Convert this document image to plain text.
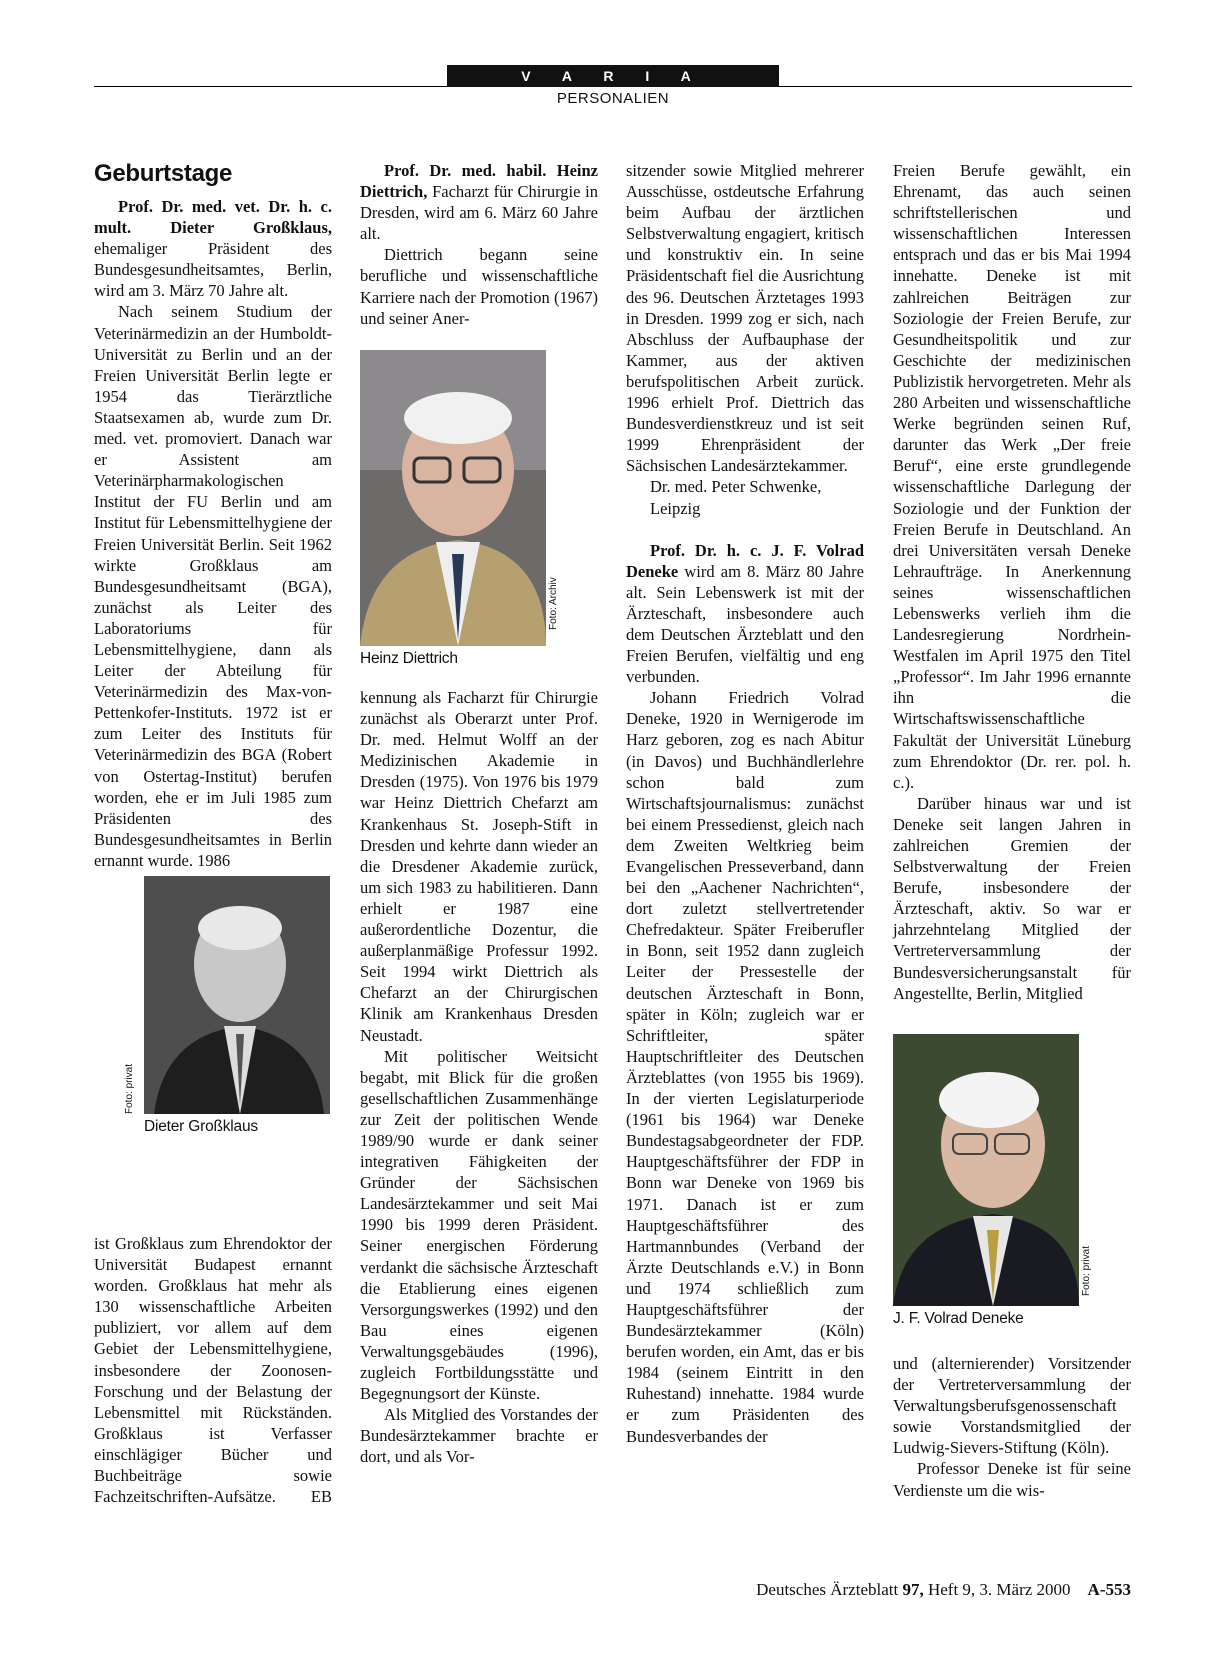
V A R I A
PERSONALIEN
Geburtstage

Prof. Dr. med. vet. Dr. h. c. mult. Dieter Großklaus, ehemaliger Präsident des Bundesgesundheitsamtes, Berlin, wird am 3. März 70 Jahre alt.

Nach seinem Studium der Veterinärmedizin an der Humboldt-Universität zu Berlin und an der Freien Universität Berlin legte er 1954 das Tierärztliche Staatsexamen ab, wurde zum Dr. med. vet. promoviert. Danach war er Assistent am Veterinärpharmakologischen Institut der FU Berlin und am Institut für Lebensmittelhygiene der Freien Universität Berlin. Seit 1962 wirkte Großklaus am Bundesgesundheitsamt (BGA), zunächst als Leiter des Laboratoriums für Lebensmittelhygiene, dann als Leiter der Abteilung für Veterinärmedizin des Max-von-Pettenkofer-Instituts. 1972 ist er zum Leiter des Instituts für Veterinärmedizin des BGA (Robert von Ostertag-Institut) berufen worden, ehe er im Juli 1985 zum Präsidenten des Bundesgesundheitsamtes in Berlin ernannt wurde. 1986

Foto: privat
Dieter Großklaus

ist Großklaus zum Ehrendoktor der Universität Budapest ernannt worden. Großklaus hat mehr als 130 wissenschaftliche Arbeiten publiziert, vor allem auf dem Gebiet der Lebensmittelhygiene, insbesondere der Zoonosen-Forschung und der Belastung der Lebensmittel mit Rückständen. Großklaus ist Verfasser einschlägiger Bücher und Buchbeiträge sowie Fachzeitschriften-Aufsätze. EB

Prof. Dr. med. habil. Heinz Diettrich, Facharzt für Chirurgie in Dresden, wird am 6. März 60 Jahre alt.

Diettrich begann seine berufliche und wissenschaftliche Karriere nach der Promotion (1967) und seiner Aner-

Foto: Archiv
Heinz Diettrich

kennung als Facharzt für Chirurgie zunächst als Oberarzt unter Prof. Dr. med. Helmut Wolff an der Medizinischen Akademie in Dresden (1975). Von 1976 bis 1979 war Heinz Diettrich Chefarzt am Krankenhaus St. Joseph-Stift in Dresden und kehrte dann wieder an die Dresdener Akademie zurück, um sich 1983 zu habilitieren. Dann erhielt er 1987 eine außerordentliche Dozentur, die außerplanmäßige Professur 1992. Seit 1994 wirkt Diettrich als Chefarzt an der Chirurgischen Klinik am Krankenhaus Dresden Neustadt.

Mit politischer Weitsicht begabt, mit Blick für die großen gesellschaftlichen Zusammenhänge zur Zeit der politischen Wende 1989/90 wurde er dank seiner integrativen Fähigkeiten der Gründer der Sächsischen Landesärztekammer und seit Mai 1990 bis 1999 deren Präsident. Seiner energischen Förderung verdankt die sächsische Ärzteschaft die Etablierung eines eigenen Versorgungswerkes (1992) und den Bau eines eigenen Verwaltungsgebäudes (1996), zugleich Fortbildungsstätte und Begegnungsort der Künste.

Als Mitglied des Vorstandes der Bundesärztekammer brachte er dort, und als Vor-

sitzender sowie Mitglied mehrerer Ausschüsse, ostdeutsche Erfahrung beim Aufbau der ärztlichen Selbstverwaltung engagiert, kritisch und konstruktiv ein. In seine Präsidentschaft fiel die Ausrichtung des 96. Deutschen Ärztetages 1993 in Dresden. 1999 zog er sich, nach Abschluss der Aufbauphase der Kammer, aus der aktiven berufspolitischen Arbeit zurück. 1996 erhielt Prof. Diettrich das Bundesverdienstkreuz und ist seit 1999 Ehrenpräsident der Sächsischen Landesärztekammer.

Dr. med. Peter Schwenke,

Leipzig

Prof. Dr. h. c. J. F. Volrad Deneke wird am 8. März 80 Jahre alt. Sein Lebenswerk ist mit der Ärzteschaft, insbesondere auch dem Deutschen Ärzteblatt und den Freien Berufen, vielfältig und eng verbunden.

Johann Friedrich Volrad Deneke, 1920 in Wernigerode im Harz geboren, zog es nach Abitur (in Davos) und Buchhändlerlehre schon bald zum Wirtschaftsjournalismus: zunächst bei einem Pressedienst, gleich nach dem Zweiten Weltkrieg beim Evangelischen Presseverband, dann bei den „Aachener Nachrichten“, dort zuletzt stellvertretender Chefredakteur. Später Freiberufler in Bonn, seit 1952 dann zugleich Leiter der Pressestelle der deutschen Ärzteschaft in Bonn, später in Köln; zugleich war er Schriftleiter, später Hauptschriftleiter des Deutschen Ärzteblattes (von 1955 bis 1969). In der vierten Legislaturperiode (1961 bis 1964) war Deneke Bundestagsabgeordneter der FDP. Hauptgeschäftsführer der FDP in Bonn war Deneke von 1969 bis 1971. Danach ist er zum Hauptgeschäftsführer des Hartmannbundes (Verband der Ärzte Deutschlands e.V.) in Bonn und 1974 schließlich zum Hauptgeschäftsführer der Bundesärztekammer (Köln) berufen worden, ein Amt, das er bis 1984 (seinem Eintritt in den Ruhestand) innehatte. 1984 wurde er zum Präsidenten des Bundesverbandes der

Freien Berufe gewählt, ein Ehrenamt, das auch seinen schriftstellerischen und wissenschaftlichen Interessen entsprach und das er bis Mai 1994 innehatte. Deneke ist mit zahlreichen Beiträgen zur Soziologie der Freien Berufe, zur Gesundheitspolitik und zur Geschichte der medizinischen Publizistik hervorgetreten. Mehr als 280 Arbeiten und wissenschaftliche Werke begründen seinen Ruf, darunter das Werk „Der freie Beruf“, eine erste grundlegende wissenschaftliche Darlegung der Soziologie und der Funktion der Freien Berufe in Deutschland. An drei Universitäten versah Deneke Lehraufträge. In Anerkennung seines wissenschaftlichen Lebenswerks verlieh ihm die Landesregierung Nordrhein-Westfalen im April 1975 den Titel „Professor“. Im Jahr 1996 ernannte ihn die Wirtschaftswissenschaftliche Fakultät der Universität Lüneburg zum Ehrendoktor (Dr. rer. pol. h. c.).

Darüber hinaus war und ist Deneke seit langen Jahren in zahlreichen Gremien der Selbstverwaltung der Freien Berufe, insbesondere der Ärzteschaft, aktiv. So war er jahrzehntelang Mitglied der Vertreterversammlung der Bundesversicherungsanstalt für Angestellte, Berlin, Mitglied

Foto: privat
J. F. Volrad Deneke

und (alternierender) Vorsitzender der Vertreterversammlung der Verwaltungsberufsgenossenschaft sowie Vorstandsmitglied der Ludwig-Sievers-Stiftung (Köln).

Professor Deneke ist für seine Verdienste um die wis-

Deutsches Ärzteblatt 97, Heft 9, 3. März 2000 A-553
